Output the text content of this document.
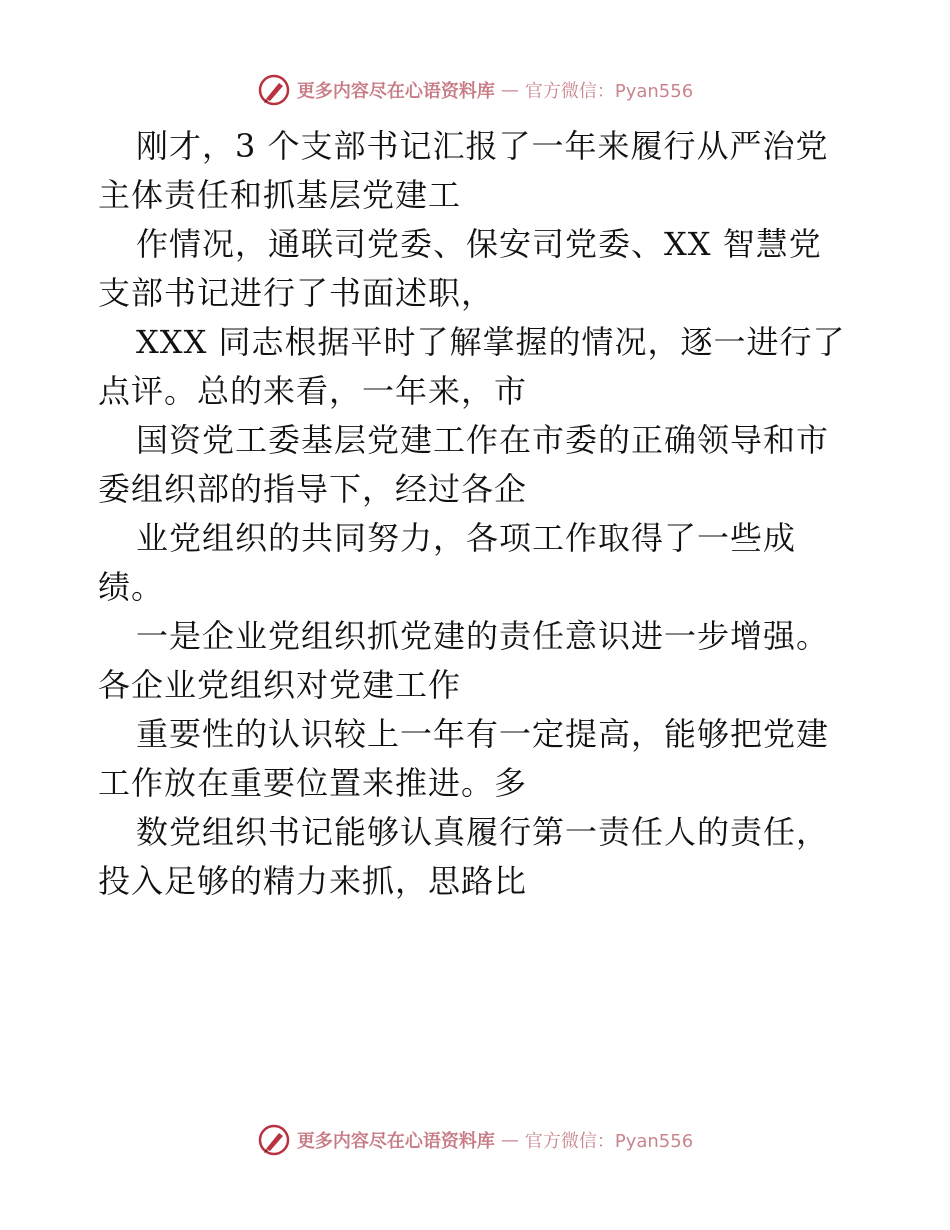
更多内容尽在心语资料库 — 官方微信：Pyan556

刚才，3 个支部书记汇报了一年来履行从严治党
主体责任和抓基层党建工

作情况，通联司党委、保安司党委、XX 智慧党
支部书记进行了书面述职，

XXX 同志根据平时了解掌握的情况，逐一进行了
点评。总的来看，一年来，市

国资党工委基层党建工作在市委的正确领导和市
委组织部的指导下，经过各企

业党组织的共同努力，各项工作取得了一些成
绩。

一是企业党组织抓党建的责任意识进一步增强。
各企业党组织对党建工作

重要性的认识较上一年有一定提高，能够把党建
工作放在重要位置来推进。多

数党组织书记能够认真履行第一责任人的责任，
投入足够的精力来抓，思路比

更多内容尽在心语资料库 — 官方微信：Pyan556
